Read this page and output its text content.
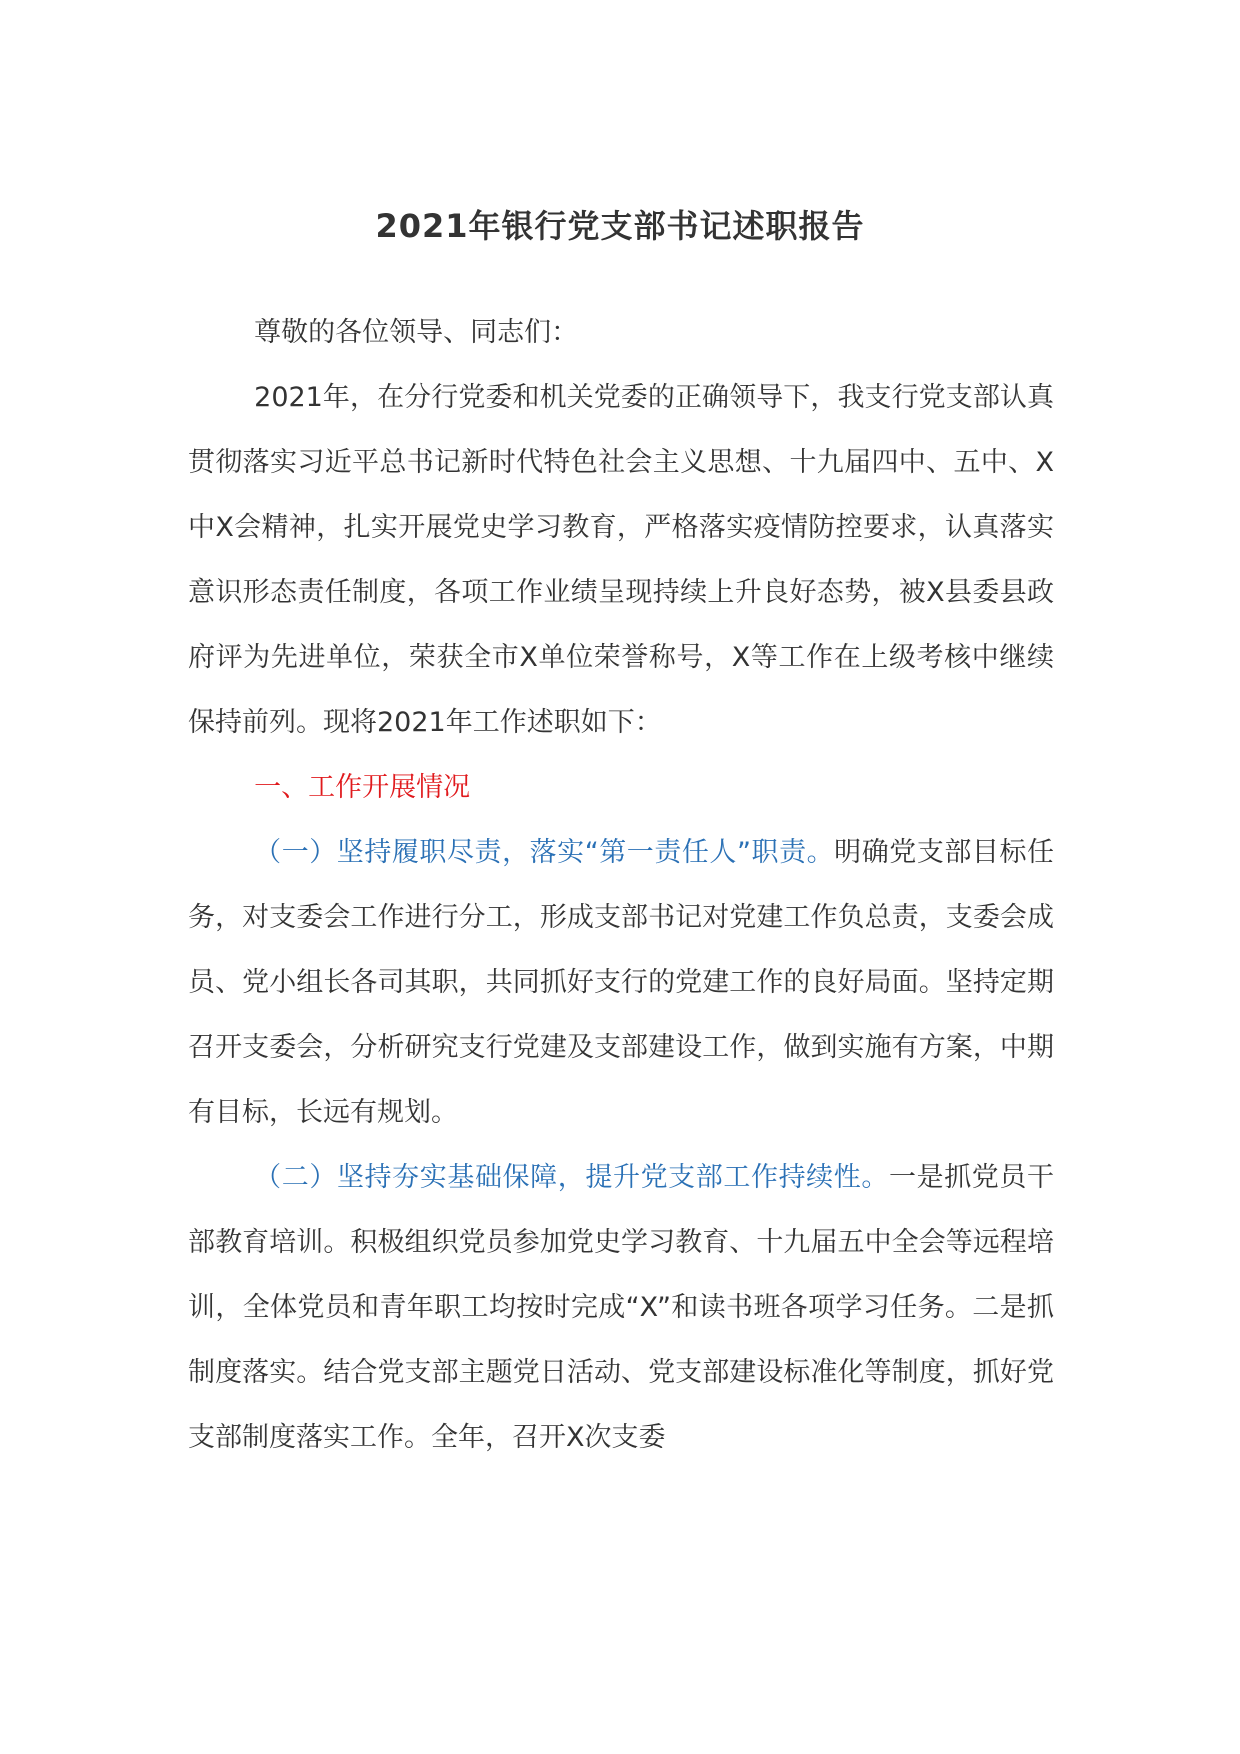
2021年银行党支部书记述职报告

尊敬的各位领导、同志们：

2021年，在分行党委和机关党委的正确领导下，我支行党支部认真贯彻落实习近平总书记新时代特色社会主义思想、十九届四中、五中、X中X会精神，扎实开展党史学习教育，严格落实疫情防控要求，认真落实意识形态责任制度，各项工作业绩呈现持续上升良好态势，被X县委县政府评为先进单位，荣获全市X单位荣誉称号，X等工作在上级考核中继续保持前列。现将2021年工作述职如下：

一、工作开展情况

（一）坚持履职尽责，落实“第一责任人”职责。明确党支部目标任务，对支委会工作进行分工，形成支部书记对党建工作负总责，支委会成员、党小组长各司其职，共同抓好支行的党建工作的良好局面。坚持定期召开支委会，分析研究支行党建及支部建设工作，做到实施有方案，中期有目标，长远有规划。

（二）坚持夯实基础保障，提升党支部工作持续性。一是抓党员干部教育培训。积极组织党员参加党史学习教育、十九届五中全会等远程培训，全体党员和青年职工均按时完成“X”和读书班各项学习任务。二是抓制度落实。结合党支部主题党日活动、党支部建设标准化等制度，抓好党支部制度落实工作。全年，召开X次支委
